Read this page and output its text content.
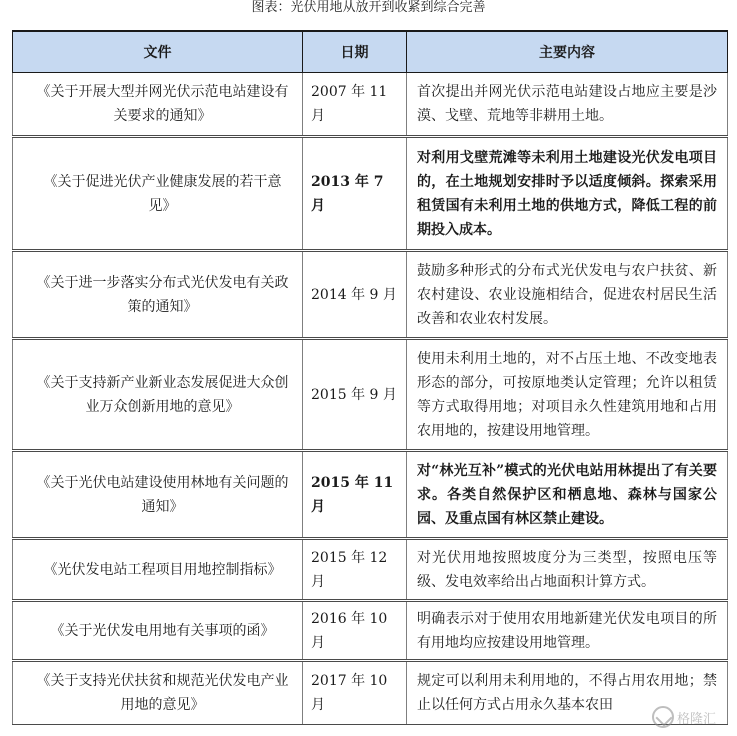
图表：光伏用地从放开到收紧到综合完善
文件	日期	主要内容

《关于开展大型并网光伏示范电站建设有关要求的通知》	2007 年 11 月	首次提出并网光伏示范电站建设占地应主要是沙漠、戈壁、荒地等非耕用土地。

《关于促进光伏产业健康发展的若干意见》	2013 年 7 月	对利用戈壁荒滩等未利用土地建设光伏发电项目的，在土地规划安排时予以适度倾斜。探索采用租赁国有未利用土地的供地方式，降低工程的前期投入成本。

《关于进一步落实分布式光伏发电有关政策的通知》	2014 年 9 月	鼓励多种形式的分布式光伏发电与农户扶贫、新农村建设、农业设施相结合，促进农村居民生活改善和农业农村发展。

《关于支持新产业新业态发展促进大众创业万众创新用地的意见》	2015 年 9 月	使用未利用土地的，对不占压土地、不改变地表形态的部分，可按原地类认定管理；允许以租赁等方式取得用地；对项目永久性建筑用地和占用农用地的，按建设用地管理。

《关于光伏电站建设使用林地有关问题的通知》	2015 年 11 月	对“林光互补”模式的光伏电站用林提出了有关要求。各类自然保护区和栖息地、森林与国家公园、及重点国有林区禁止建设。

《光伏发电站工程项目用地控制指标》	2015 年 12 月	对光伏用地按照坡度分为三类型，按照电压等级、发电效率给出占地面积计算方式。

《关于光伏发电用地有关事项的函》	2016 年 10 月	明确表示对于使用农用地新建光伏发电项目的所有用地均应按建设用地管理。

《关于支持光伏扶贫和规范光伏发电产业用地的意见》	2017 年 10 月	规定可以利用未利用地的，不得占用农用地；禁止以任何方式占用永久基本农田
格隆汇
